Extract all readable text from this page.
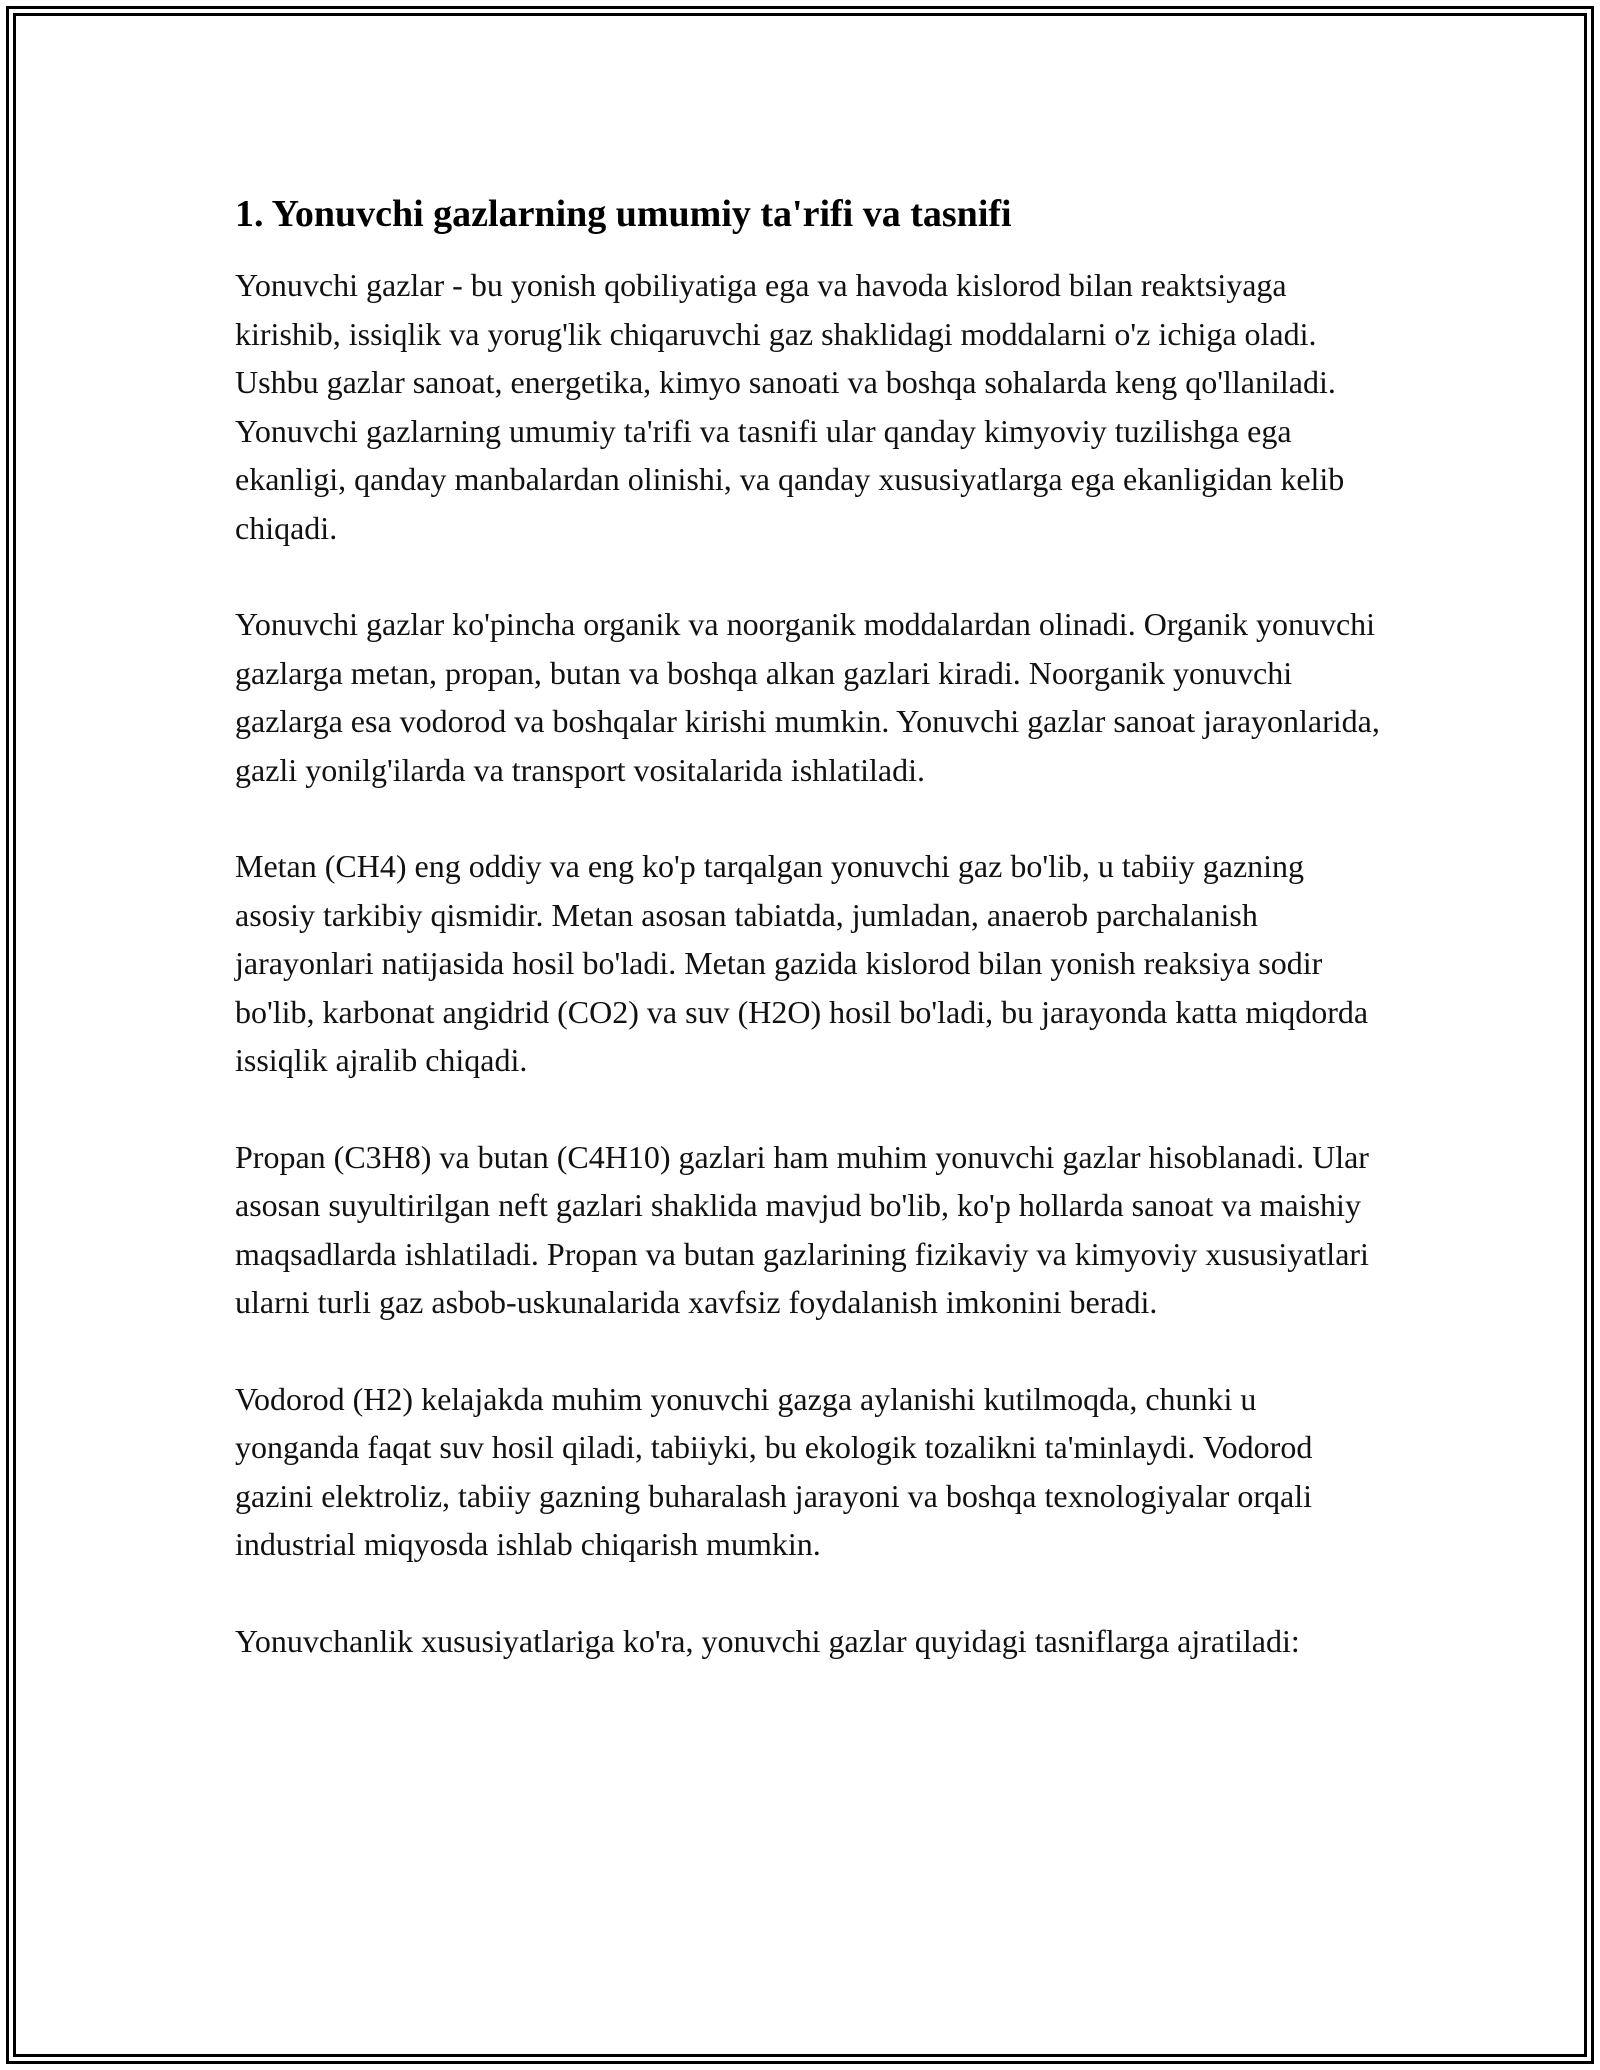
1. Yonuvchi gazlarning umumiy ta'rifi va tasnifi

Yonuvchi gazlar - bu yonish qobiliyatiga ega va havoda kislorod bilan reaktsiyaga kirishib, issiqlik va yorug'lik chiqaruvchi gaz shaklidagi moddalarni o'z ichiga oladi. Ushbu gazlar sanoat, energetika, kimyo sanoati va boshqa sohalarda keng qo'llaniladi. Yonuvchi gazlarning umumiy ta'rifi va tasnifi ular qanday kimyoviy tuzilishga ega ekanligi, qanday manbalardan olinishi, va qanday xususiyatlarga ega ekanligidan kelib chiqadi.

Yonuvchi gazlar ko'pincha organik va noorganik moddalardan olinadi. Organik yonuvchi gazlarga metan, propan, butan va boshqa alkan gazlari kiradi. Noorganik yonuvchi gazlarga esa vodorod va boshqalar kirishi mumkin. Yonuvchi gazlar sanoat jarayonlarida, gazli yonilg'ilarda va transport vositalarida ishlatiladi.

Metan (CH4) eng oddiy va eng ko'p tarqalgan yonuvchi gaz bo'lib, u tabiiy gazning asosiy tarkibiy qismidir. Metan asosan tabiatda, jumladan, anaerob parchalanish jarayonlari natijasida hosil bo'ladi. Metan gazida kislorod bilan yonish reaksiya sodir bo'lib, karbonat angidrid (CO2) va suv (H2O) hosil bo'ladi, bu jarayonda katta miqdorda issiqlik ajralib chiqadi.

Propan (C3H8) va butan (C4H10) gazlari ham muhim yonuvchi gazlar hisoblanadi. Ular asosan suyultirilgan neft gazlari shaklida mavjud bo'lib, ko'p hollarda sanoat va maishiy maqsadlarda ishlatiladi. Propan va butan gazlarining fizikaviy va kimyoviy xususiyatlari ularni turli gaz asbob-uskunalarida xavfsiz foydalanish imkonini beradi.

Vodorod (H2) kelajakda muhim yonuvchi gazga aylanishi kutilmoqda, chunki u yonganda faqat suv hosil qiladi, tabiiyki, bu ekologik tozalikni ta'minlaydi. Vodorod gazini elektroliz, tabiiy gazning buharalash jarayoni va boshqa texnologiyalar orqali industrial miqyosda ishlab chiqarish mumkin.

Yonuvchanlik xususiyatlariga ko'ra, yonuvchi gazlar quyidagi tasniflarga ajratiladi:
